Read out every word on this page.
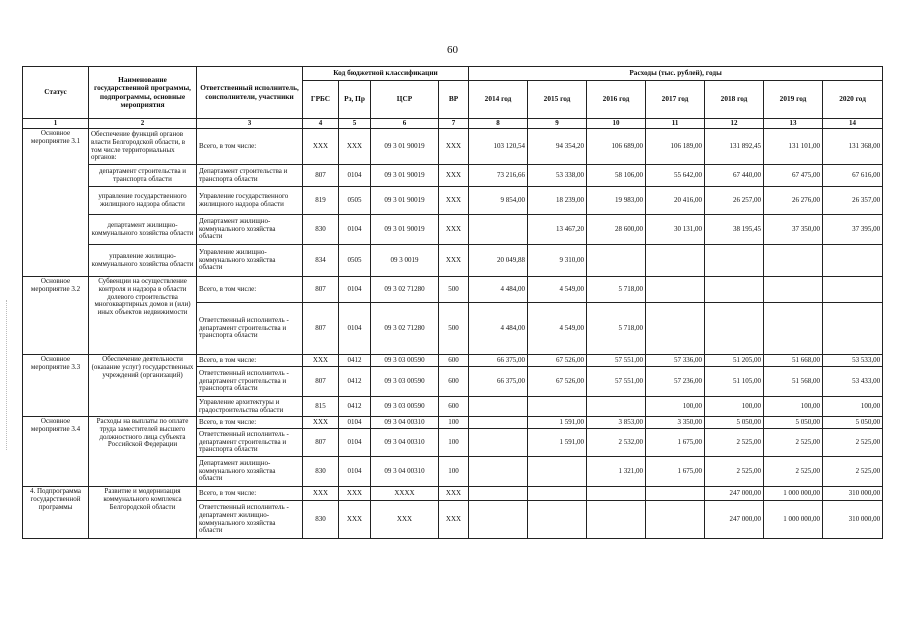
60
Статус	Наименование государственной программы, подпрограммы, основные мероприятия	Ответственный исполнитель, соисполнители, участники	Код бюджетной классификации				Расходы (тыс. рублей), годы						
			ГРБС	Рз, Пр	ЦСР	ВР	2014 год	2015 год	2016 год	2017 год	2018 год	2019 год	2020 год
1	2	3	4	5	6	7	8	9	10	11	12	13	14
Основное мероприятие 3.1	Обеспечение функций органов власти Белгородской области, в том числе территориальных органов:	Всего, в том числе:	XXX	XXX	09 3 01 90019	XXX	103 120,54	94 354,20	106 689,00	106 189,00	131 892,45	131 101,00	131 368,00
	департамент строительства и транспорта области	Департамент строительства и транспорта области	807	0104	09 3 01 90019	XXX	73 216,66	53 338,00	58 106,00	55 642,00	67 440,00	67 475,00	67 616,00
	управление государственного жилищного надзора области	Управление государственного жилищного надзора области	819	0505	09 3 01 90019	XXX	9 854,00	18 239,00	19 983,00	20 416,00	26 257,00	26 276,00	26 357,00
	департамент жилищно-коммунального хозяйства области	Департамент жилищно-коммунального хозяйства области	830	0104	09 3 01 90019	XXX		13 467,20	28 600,00	30 131,00	38 195,45	37 350,00	37 395,00
	управление жилищно-коммунального хозяйства области	Управление жилищно-коммунального хозяйства области	834	0505	09 3 0019	XXX	20 049,88	9 310,00					
Основное мероприятие 3.2	Субвенции на осуществление контроля и надзора в области долевого строительства многоквартирных домов и (или) иных объектов недвижимости	Всего, в том числе:	807	0104	09 3 02 71280	500	4 484,00	4 549,00	5 718,00				
		Ответственный исполнитель - департамент строительства и транспорта области	807	0104	09 3 02 71280	500	4 484,00	4 549,00	5 718,00				
Основное мероприятие 3.3	Обеспечение деятельности (оказание услуг) государственных учреждений (организаций)	Всего, в том числе:	XXX	0412	09 3 03 00590	600	66 375,00	67 526,00	57 551,00	57 336,00	51 205,00	51 668,00	53 533,00
		Ответственный исполнитель - департамент строительства и транспорта области	807	0412	09 3 03 00590	600	66 375,00	67 526,00	57 551,00	57 236,00	51 105,00	51 568,00	53 433,00
		Управление архитектуры и градостроительства области	815	0412	09 3 03 00590	600				100,00	100,00	100,00	100,00
Основное мероприятие 3.4	Расходы на выплаты по оплате труда заместителей высшего должностного лица субъекта Российской Федерации	Всего, в том числе:	XXX	0104	09 3 04 00310	100		1 591,00	3 853,00	3 350,00	5 050,00	5 050,00	5 050,00
		Ответственный исполнитель - департамент строительства и транспорта области	807	0104	09 3 04 00310	100		1 591,00	2 532,00	1 675,00	2 525,00	2 525,00	2 525,00
		Департамент жилищно-коммунального хозяйства области	830	0104	09 3 04 00310	100			1 321,00	1 675,00	2 525,00	2 525,00	2 525,00
4. Подпрограмма государственной программы	Развитие и модернизация коммунального комплекса Белгородской области	Всего, в том числе:	XXX	XXX	XXXX	XXX					247 000,00	1 000 000,00	310 000,00
		Ответственный исполнитель - департамент жилищно-коммунального хозяйства области	830	XXX	XXX	XXX					247 000,00	1 000 000,00	310 000,00
